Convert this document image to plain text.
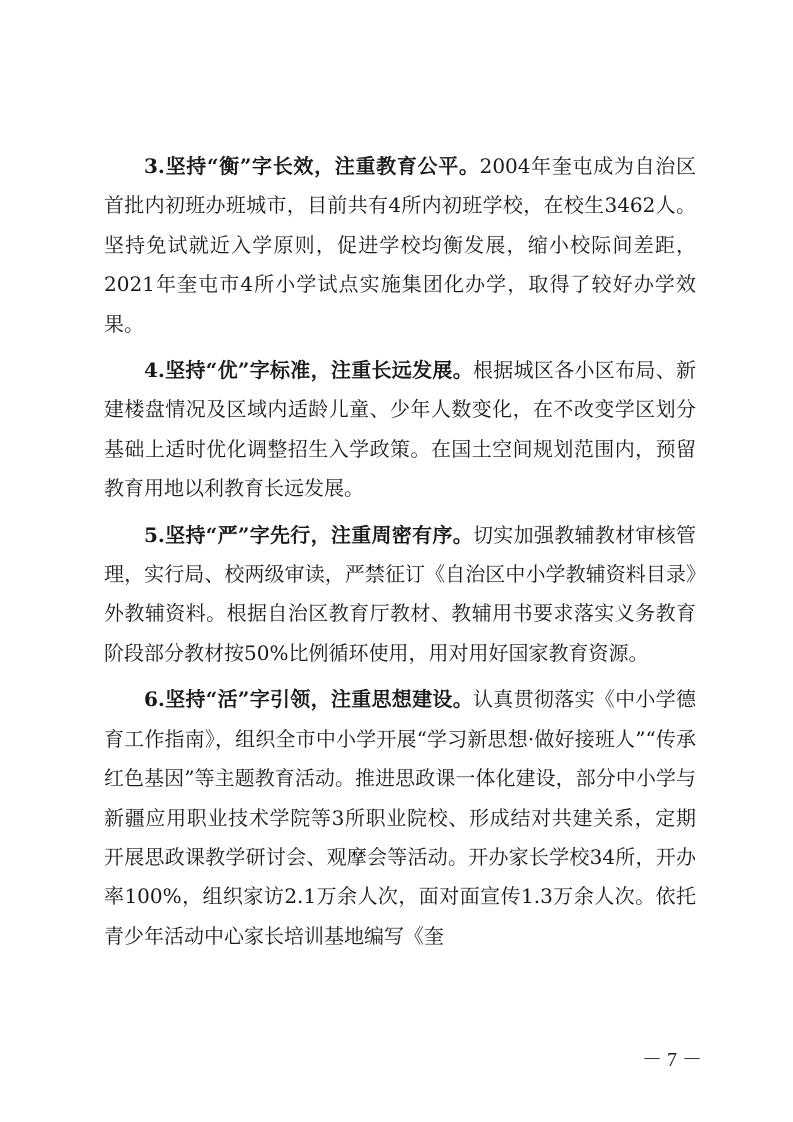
3.坚持“衡”字长效，注重教育公平。2004年奎屯成为自治区首批内初班办班城市，目前共有4所内初班学校，在校生3462人。坚持免试就近入学原则，促进学校均衡发展，缩小校际间差距，2021年奎屯市4所小学试点实施集团化办学，取得了较好办学效果。

4.坚持“优”字标准，注重长远发展。根据城区各小区布局、新建楼盘情况及区域内适龄儿童、少年人数变化，在不改变学区划分基础上适时优化调整招生入学政策。在国土空间规划范围内，预留教育用地以利教育长远发展。

5.坚持“严”字先行，注重周密有序。切实加强教辅教材审核管理，实行局、校两级审读，严禁征订《自治区中小学教辅资料目录》外教辅资料。根据自治区教育厅教材、教辅用书要求落实义务教育阶段部分教材按50%比例循环使用，用对用好国家教育资源。

6.坚持“活”字引领，注重思想建设。认真贯彻落实《中小学德育工作指南》，组织全市中小学开展“学习新思想·做好接班人”“传承红色基因”等主题教育活动。推进思政课一体化建设，部分中小学与新疆应用职业技术学院等3所职业院校、形成结对共建关系，定期开展思政课教学研讨会、观摩会等活动。开办家长学校34所，开办率100%，组织家访2.1万余人次，面对面宣传1.3万余人次。依托青少年活动中心家长培训基地编写《奎

－ 7 －
